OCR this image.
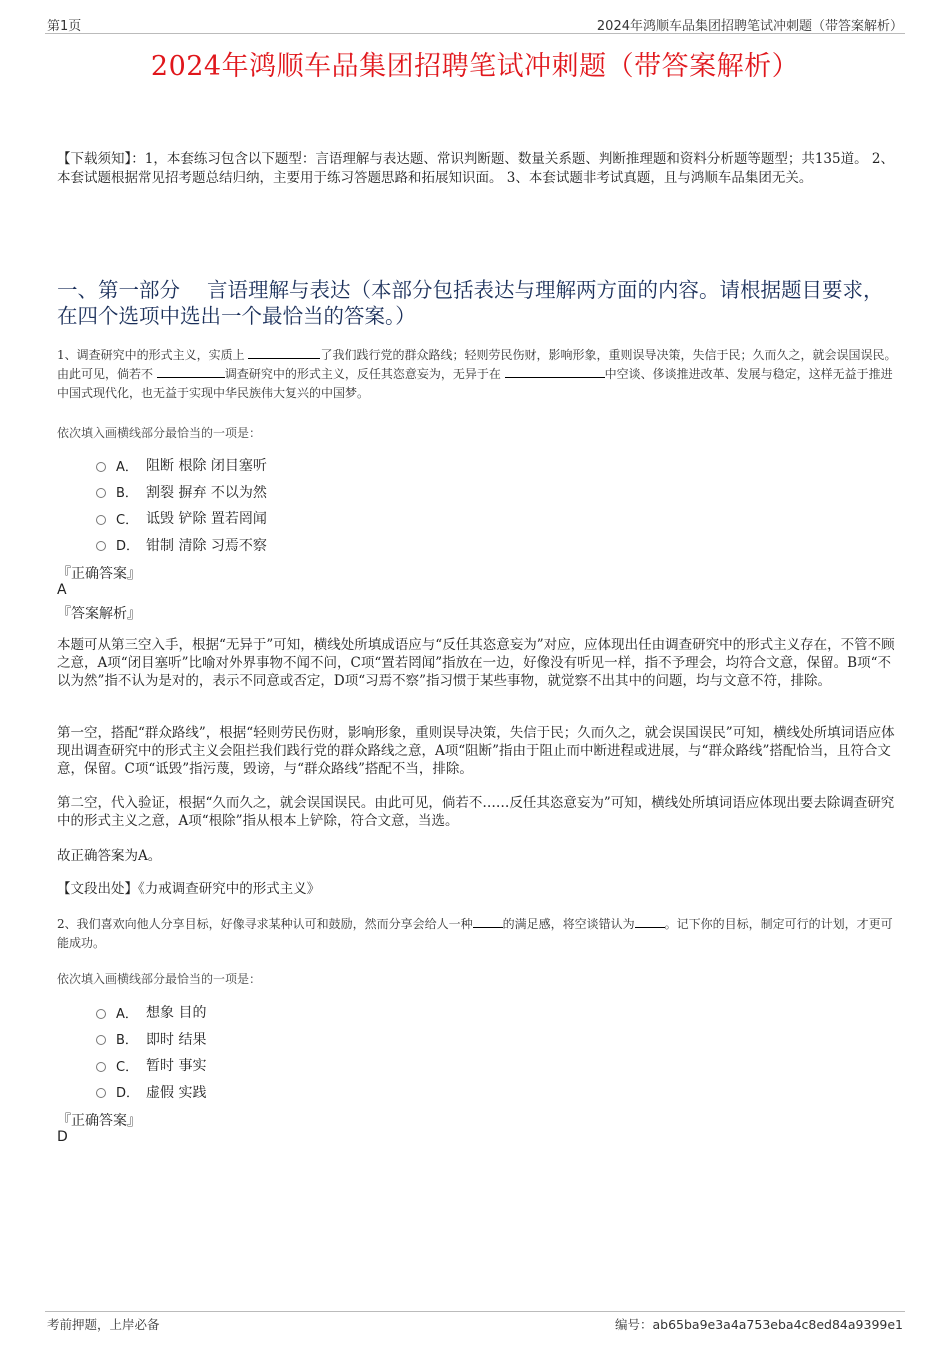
第1页	2024年鸿顺车品集团招聘笔试冲刺题（带答案解析）
2024年鸿顺车品集团招聘笔试冲刺题（带答案解析）
【下载须知】：1，本套练习包含以下题型：言语理解与表达题、常识判断题、数量关系题、判断推理题和资料分析题等题型；共135道。 2、本套试题根据常见招考题总结归纳，主要用于练习答题思路和拓展知识面。 3、本套试题非考试真题，且与鸿顺车品集团无关。
一、第一部分　 言语理解与表达（本部分包括表达与理解两方面的内容。请根据题目要求，在四个选项中选出一个最恰当的答案。）
1、调查研究中的形式主义，实质上	了我们践行党的群众路线；轻则劳民伤财，影响形象，重则误导决策，失信于民；久而久之，就会误国误民。由此可见，倘若不	调查研究中的形式主义，反任其恣意妄为，无异于在	中空谈、侈谈推进改革、发展与稳定，这样无益于推进中国式现代化，也无益于实现中华民族伟大复兴的中国梦。
依次填入画横线部分最恰当的一项是：
A． 阻断 根除 闭目塞听
B． 割裂 摒弃 不以为然
C． 诋毁 铲除 置若罔闻
D． 钳制 清除 习焉不察
『正确答案』
A
『答案解析』
本题可从第三空入手，根据“无异于”可知，横线处所填成语应与“反任其恣意妄为”对应，应体现出任由调查研究中的形式主义存在，不管不顾之意，A项“闭目塞听”比喻对外界事物不闻不问，C项“置若罔闻”指放在一边，好像没有听见一样，指不予理会，均符合文意，保留。B项“不以为然”指不认为是对的，表示不同意或否定，D项“习焉不察”指习惯于某些事物，就觉察不出其中的问题，均与文意不符，排除。
第一空，搭配“群众路线”，根据“轻则劳民伤财，影响形象，重则误导决策，失信于民；久而久之，就会误国误民”可知，横线处所填词语应体现出调查研究中的形式主义会阻拦我们践行党的群众路线之意，A项“阻断”指由于阻止而中断进程或进展，与“群众路线”搭配恰当，且符合文意，保留。C项“诋毁”指污蔑，毁谤，与“群众路线”搭配不当，排除。
第二空，代入验证，根据“久而久之，就会误国误民。由此可见，倘若不……反任其恣意妄为”可知，横线处所填词语应体现出要去除调查研究中的形式主义之意，A项“根除”指从根本上铲除，符合文意，当选。
故正确答案为A。
【文段出处】《力戒调查研究中的形式主义》
2、我们喜欢向他人分享目标，好像寻求某种认可和鼓励，然而分享会给人一种	的满足感，将空谈错认为	。记下你的目标，制定可行的计划，才更可能成功。
依次填入画横线部分最恰当的一项是：
A． 想象 目的
B． 即时 结果
C． 暂时 事实
D． 虚假 实践
『正确答案』
D
考前押题，上岸必备	编号：ab65ba9e3a4a753eba4c8ed84a9399e1
